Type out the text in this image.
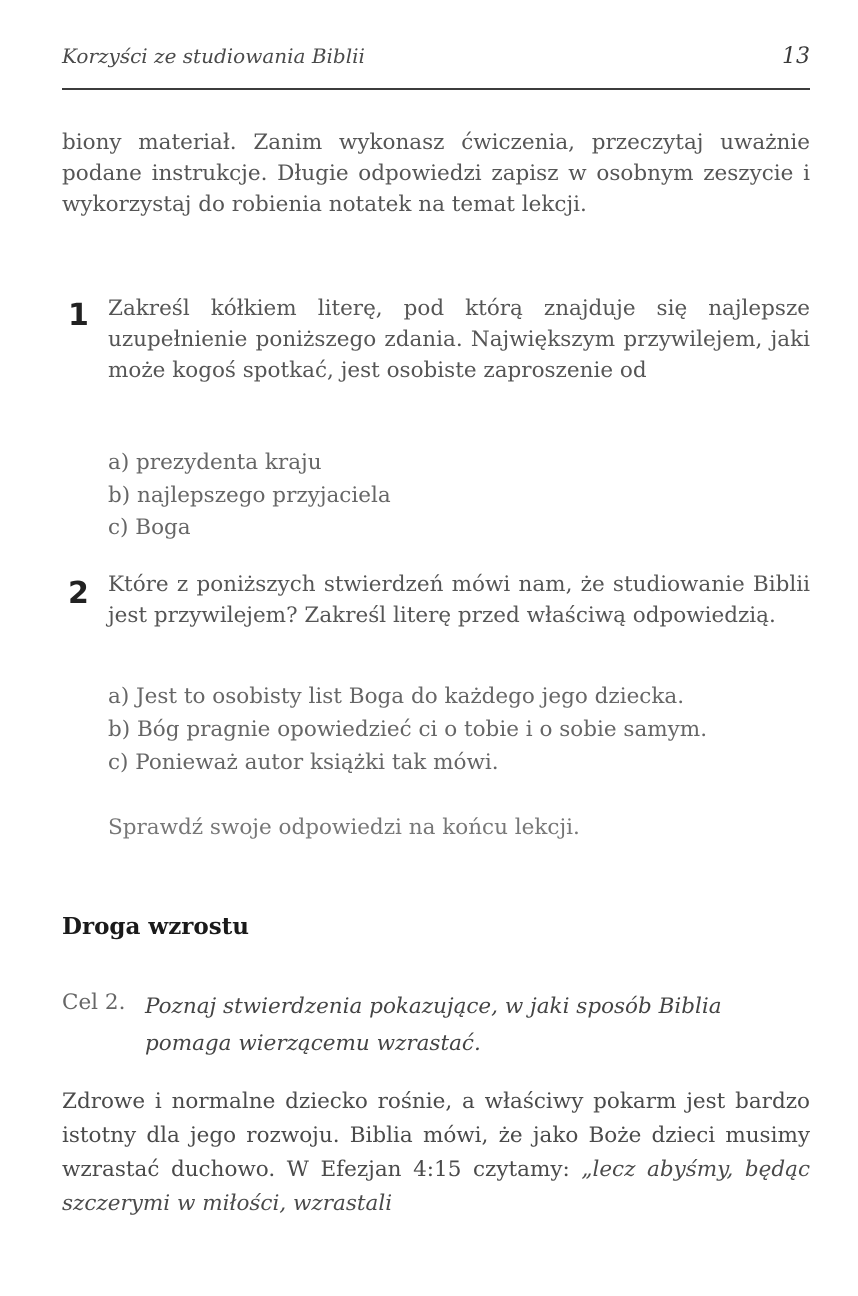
Korzyści ze studiowania Biblii	13

biony materiał. Zanim wykonasz ćwiczenia, przeczytaj uważnie podane instrukcje. Długie odpowiedzi zapisz w osobnym zeszycie i wykorzystaj do robienia notatek na temat lekcji.

1 Zakreśl kółkiem literę, pod którą znajduje się najlepsze uzupełnienie poniższego zdania. Największym przywilejem, jaki może kogoś spotkać, jest osobiste zaproszenie od

a) prezydenta kraju

b) najlepszego przyjaciela

c) Boga

2 Które z poniższych stwierdzeń mówi nam, że studiowanie Biblii jest przywilejem? Zakreśl literę przed właściwą odpowiedzią.

a) Jest to osobisty list Boga do każdego jego dziecka.

b) Bóg pragnie opowiedzieć ci o tobie i o sobie samym.

c) Ponieważ autor książki tak mówi.

Sprawdź swoje odpowiedzi na końcu lekcji.

Droga wzrostu
Cel 2. Poznaj stwierdzenia pokazujące, w jaki sposób Biblia pomaga wierzącemu wzrastać.

Zdrowe i normalne dziecko rośnie, a właściwy pokarm jest bardzo istotny dla jego rozwoju. Biblia mówi, że jako Boże dzieci musimy wzrastać duchowo. W Efezjan 4:15 czytamy: „lecz abyśmy, będąc szczerymi w miłości, wzrastali
